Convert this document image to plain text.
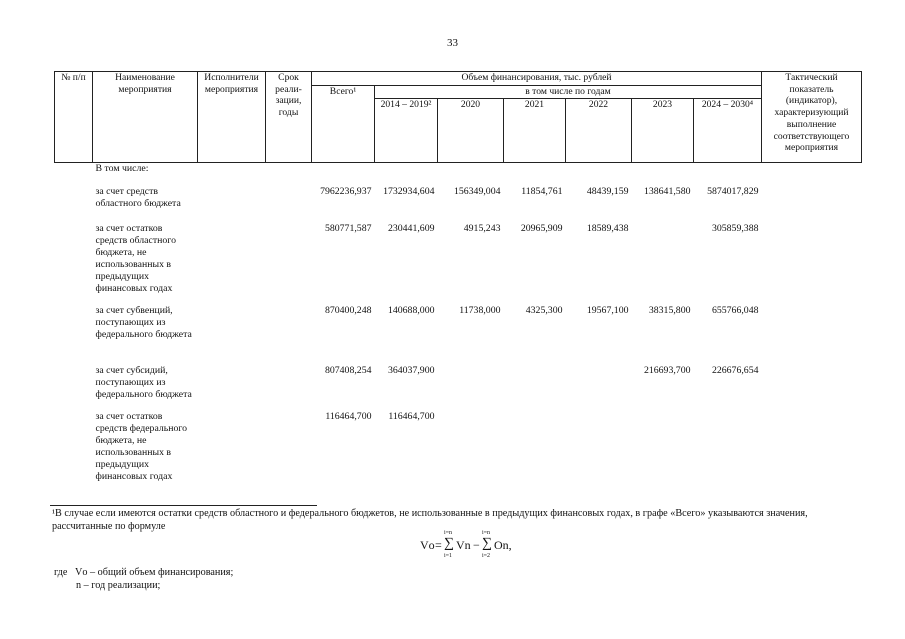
33
№ п/п	Наименование мероприятия	Исполнители мероприятия	Срок реали-зации, годы	Объем финансирования, тыс. рублей							Тактический показатель (индикатор), характеризующий выполнение соответствующего мероприятия
				Всего¹	в том числе по годам						
					2014 – 2019²	2020	2021	2022	2023	2024 – 2030⁴	
	В том числе:										
	за счет средств областного бюджета			7962236,937	1732934,604	156349,004	11854,761	48439,159	138641,580	5874017,829	
	за счет остатков средств областного бюджета, не использованных в предыдущих финансовых годах			580771,587	230441,609	4915,243	20965,909	18589,438		305859,388	
	за счет субвенций, поступающих из федерального бюджета			870400,248	140688,000	11738,000	4325,300	19567,100	38315,800	655766,048	
	за счет субсидий, поступающих из федерального бюджета			807408,254	364037,900				216693,700	226676,654	
	за счет остатков средств федерального бюджета, не использованных в предыдущих финансовых годах			116464,700	116464,700						
¹В случае если имеются остатки средств областного и федерального бюджетов, не использованные в предыдущих финансовых годах, в графе «Всего» указываются значения, рассчитанные по формуле
i=n	i=n
Vо = ∑ Vn − ∑ On,
i=1	i=2
где Vо – общий объем финансирования;
n – год реализации;
